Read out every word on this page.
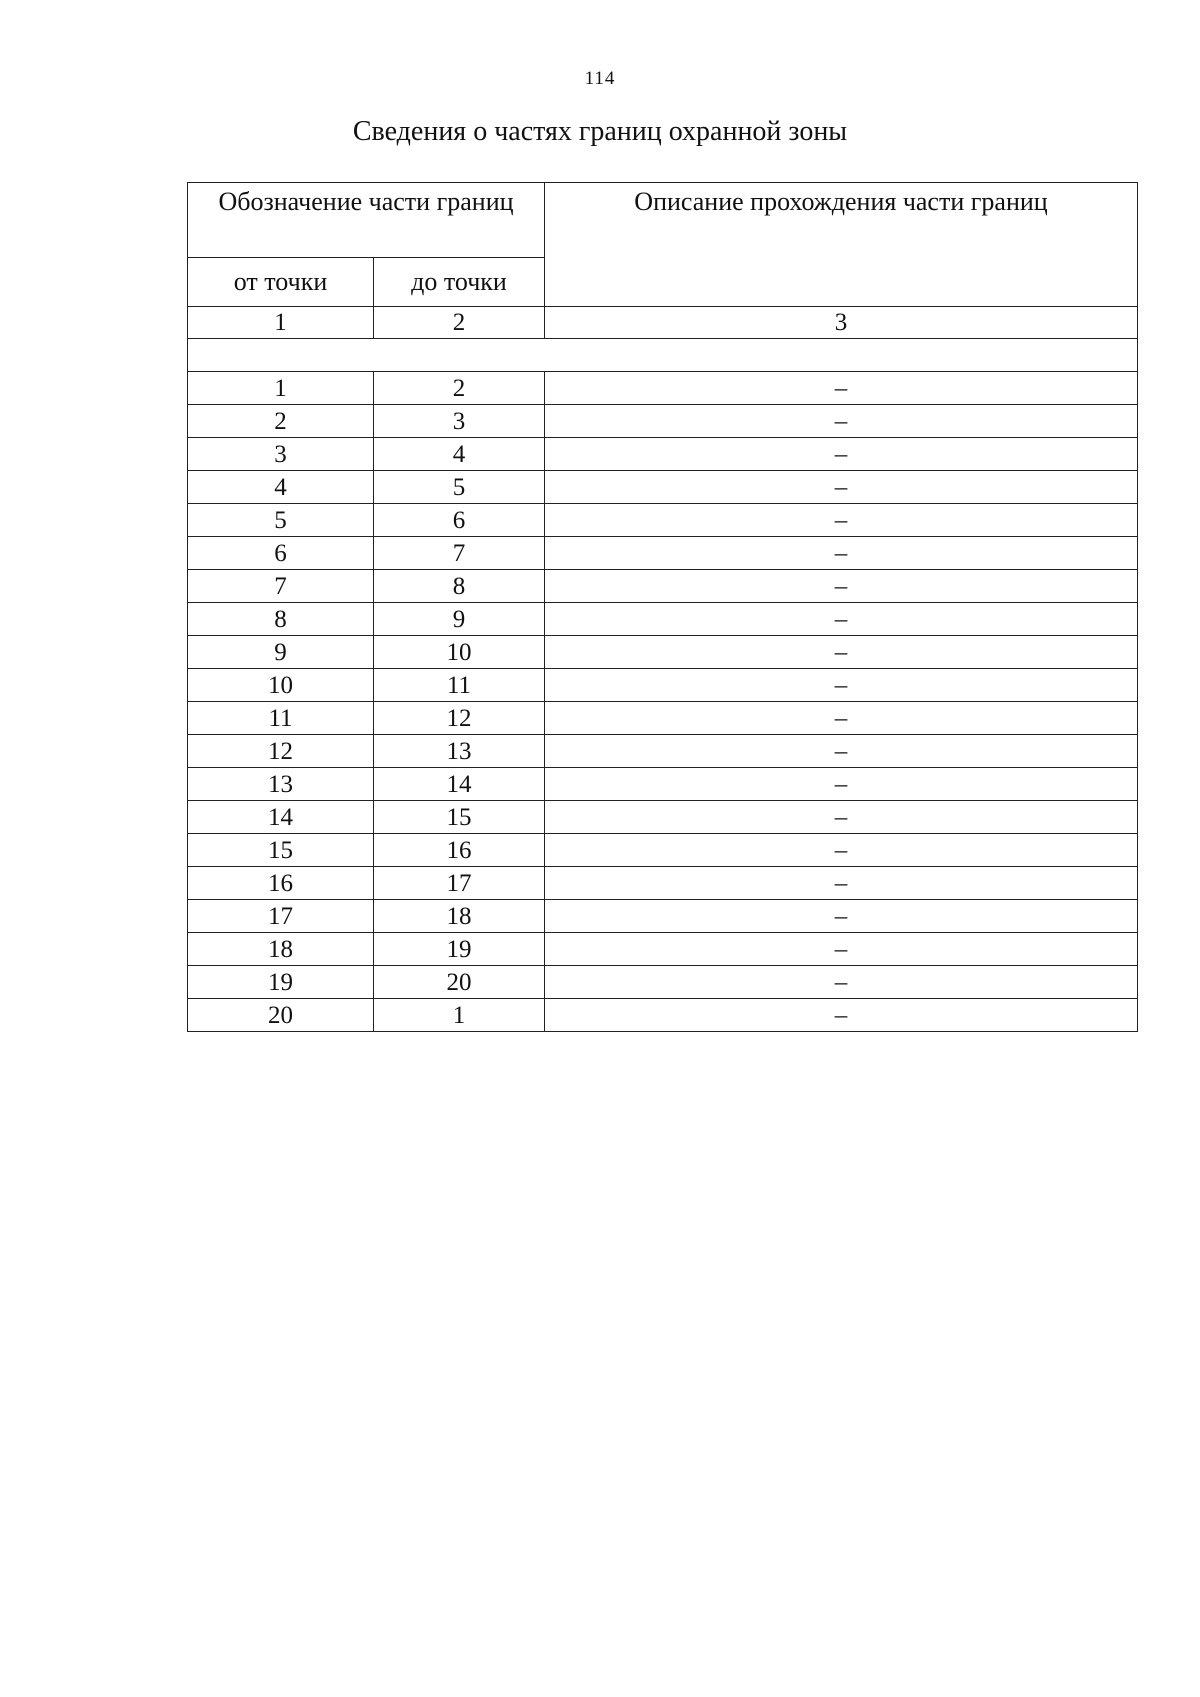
114
Сведения о частях границ охранной зоны
Обозначение части границ		Описание прохождения части границ
от точки	до точки	
1	2	3

1	2	–
2	3	–
3	4	–
4	5	–
5	6	–
6	7	–
7	8	–
8	9	–
9	10	–
10	11	–
11	12	–
12	13	–
13	14	–
14	15	–
15	16	–
16	17	–
17	18	–
18	19	–
19	20	–
20	1	–
